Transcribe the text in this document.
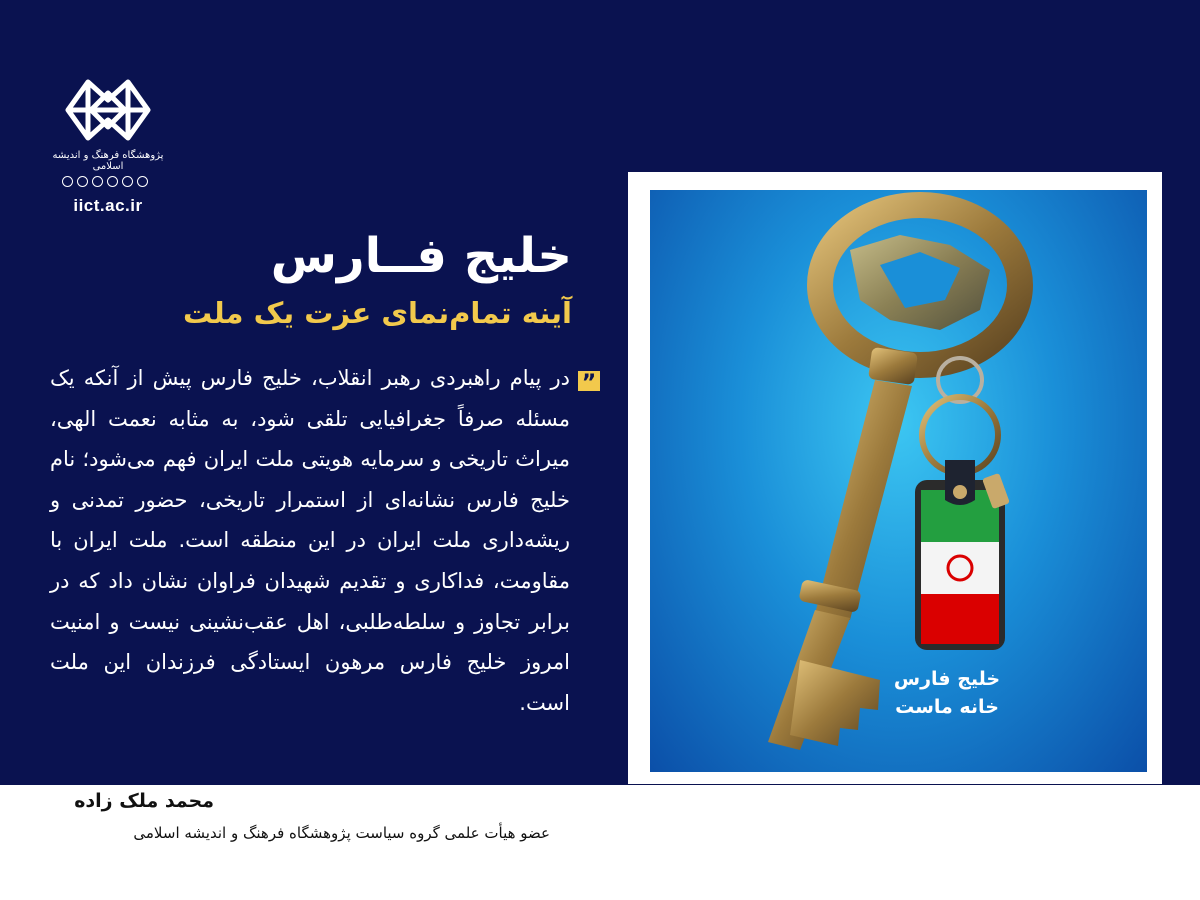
پژوهشگاه فرهنگ و اندیشه اسلامی
iict.ac.ir
خلیج فــارس
آینه تمام‌نمای عزت یک ملت
”
در پیام راهبردی رهبر انقلاب، خلیج فارس پیش از آنکه یک مسئله صرفاً جغرافیایی تلقی شود، به مثابه نعمت الهی، میراث تاریخی و سرمایه هویتی ملت ایران فهم می‌شود؛ نام خلیج فارس نشانه‌ای از استمرار تاریخی، حضور تمدنی و ریشه‌داری ملت ایران در این منطقه است. ملت ایران با مقاومت، فداکاری و تقدیم شهیدان فراوان نشان داد که در برابر تجاوز و سلطه‌طلبی، اهل عقب‌نشینی نیست و امنیت امروز خلیج فارس مرهون ایستادگی فرزندان این ملت است.
محمد ملک زاده
عضو هیأت علمی گروه سیاست پژوهشگاه فرهنگ و اندیشه اسلامی
خلیج فارس
خانه ماست
